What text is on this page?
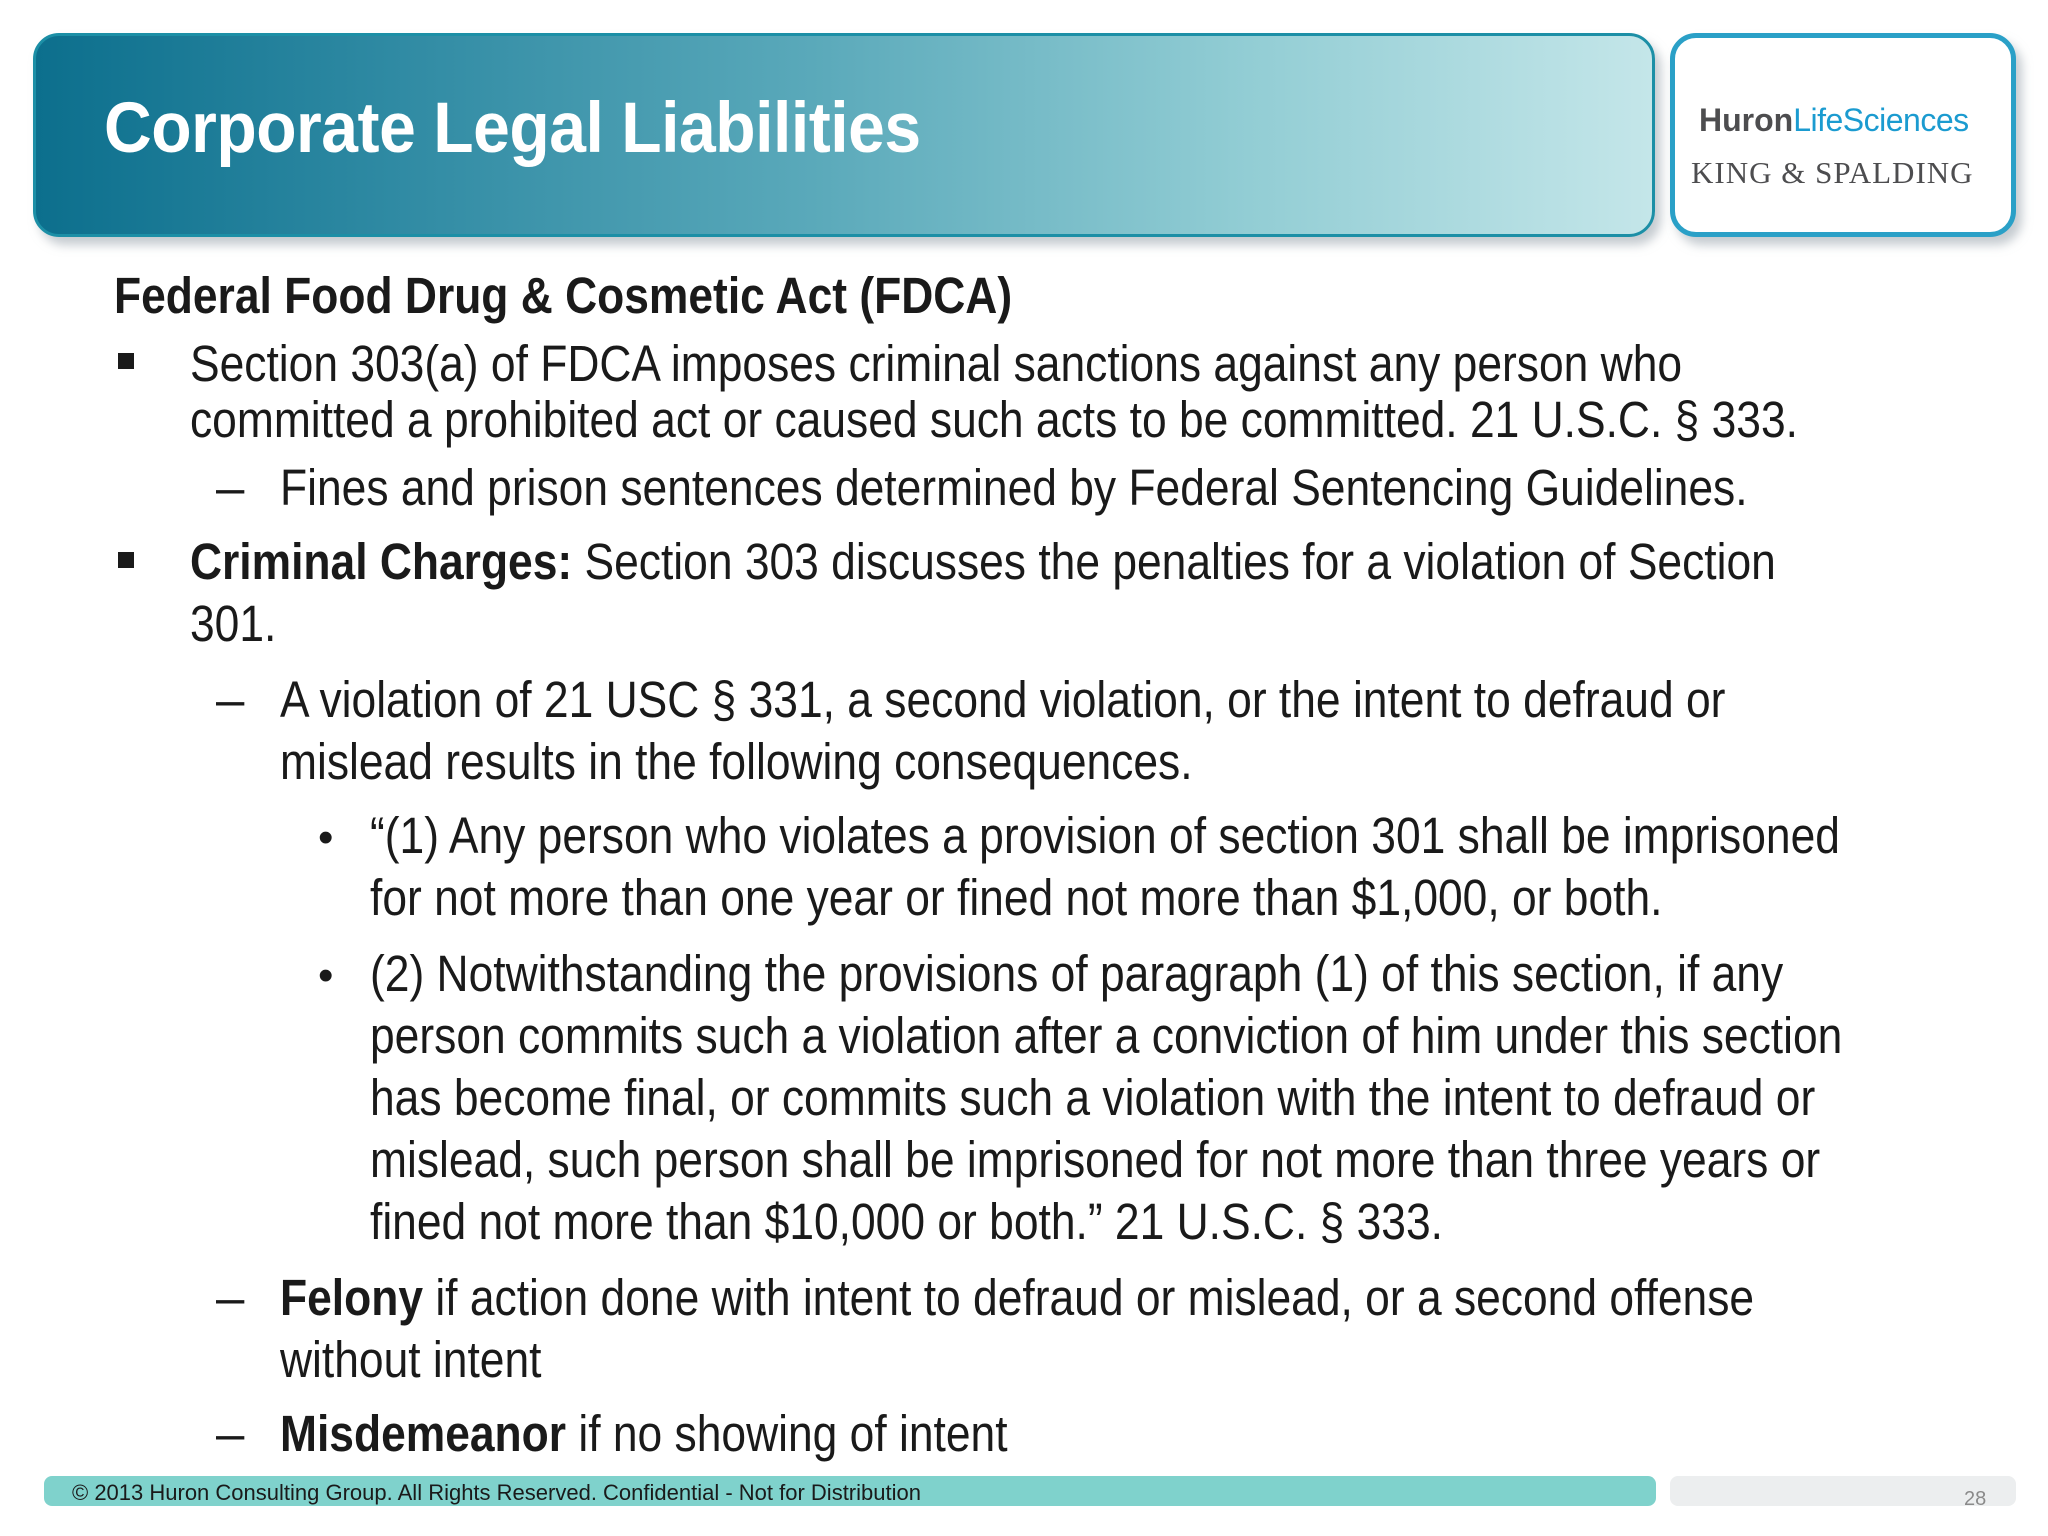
Corporate Legal Liabilities	HuronLifeSciences
KING & SPALDING
Federal Food Drug & Cosmetic Act (FDCA)
Section 303(a) of FDCA imposes criminal sanctions against any person who
committed a prohibited act or caused such acts to be committed. 21 U.S.C. § 333.
– Fines and prison sentences determined by Federal Sentencing Guidelines.
Criminal Charges: Section 303 discusses the penalties for a violation of Section
301.
– A violation of 21 USC § 331, a second violation, or the intent to defraud or
mislead results in the following consequences.
• “(1) Any person who violates a provision of section 301 shall be imprisoned
for not more than one year or fined not more than $1,000, or both.
• (2) Notwithstanding the provisions of paragraph (1) of this section, if any
person commits such a violation after a conviction of him under this section
has become final, or commits such a violation with the intent to defraud or
mislead, such person shall be imprisoned for not more than three years or
fined not more than $10,000 or both.” 21 U.S.C. § 333.
– Felony if action done with intent to defraud or mislead, or a second offense
without intent
– Misdemeanor if no showing of intent
© 2013 Huron Consulting Group. All Rights Reserved. Confidential - Not for Distribution	28
